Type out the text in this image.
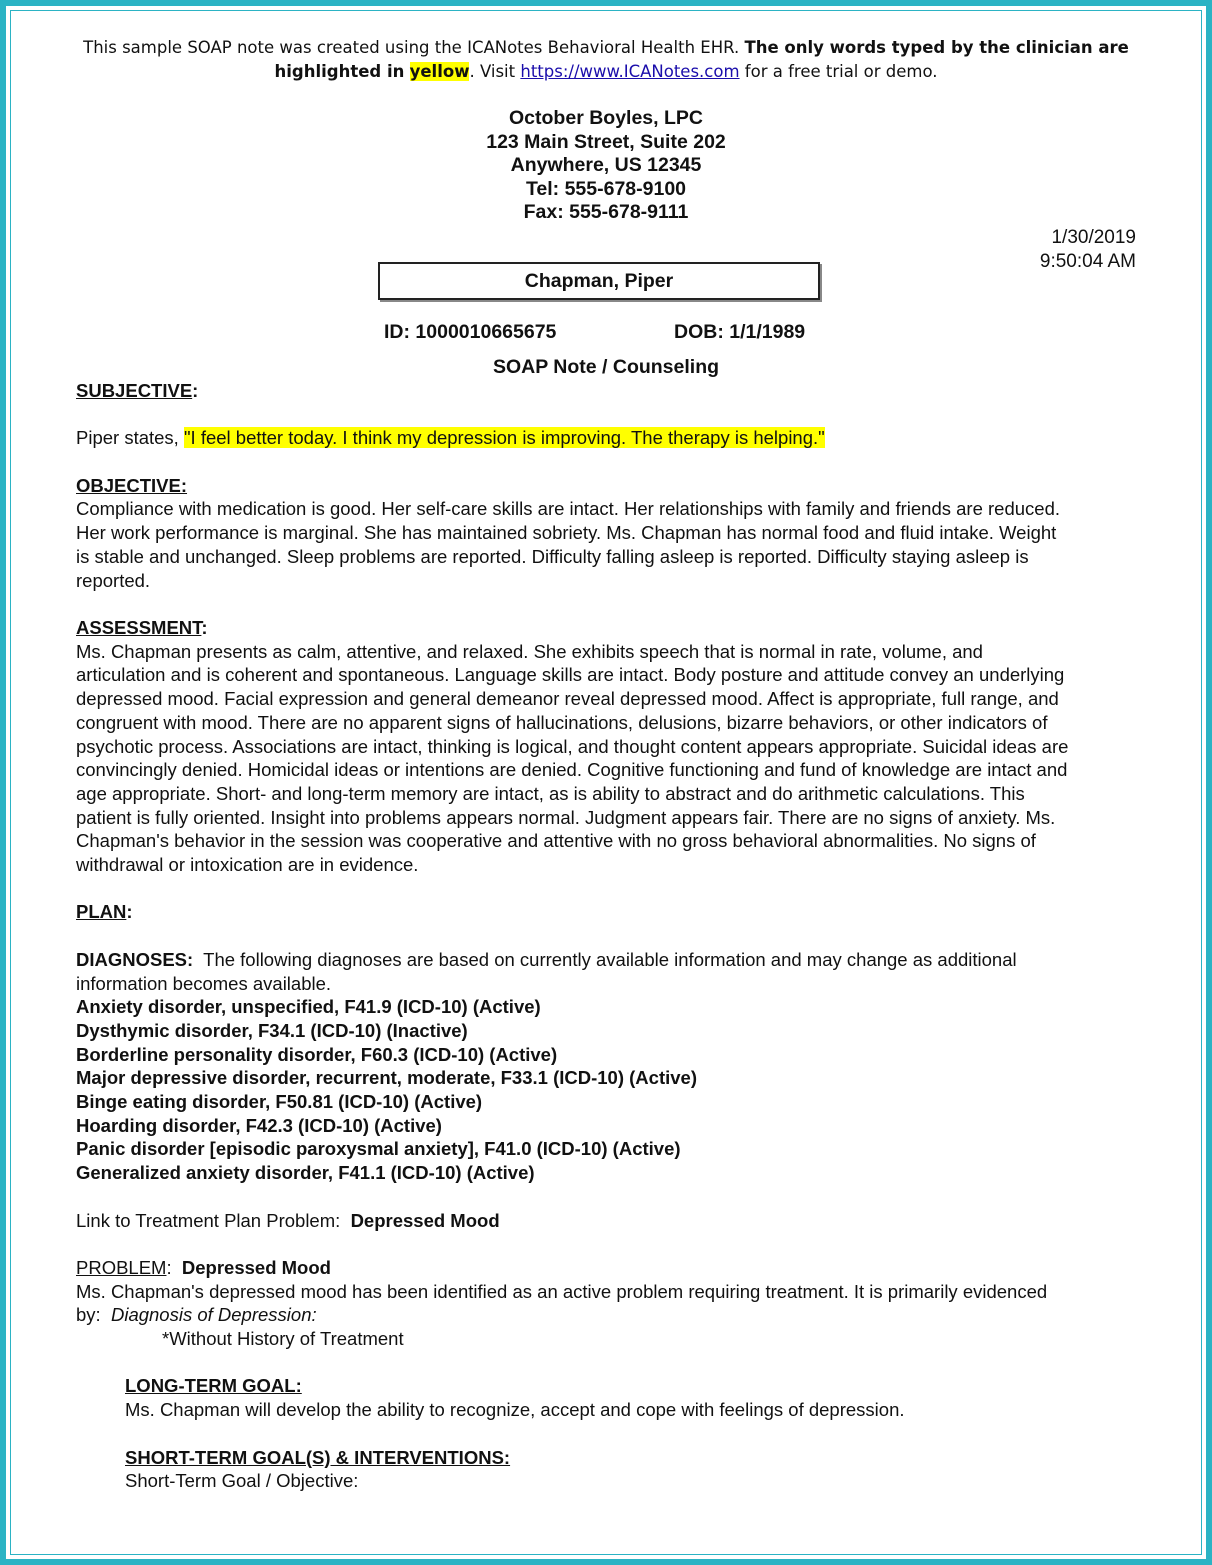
This sample SOAP note was created using the ICANotes Behavioral Health EHR. The only words typed by the clinician are highlighted in yellow. Visit https://www.ICANotes.com for a free trial or demo.
October Boyles, LPC
123 Main Street, Suite 202
Anywhere, US 12345
Tel: 555-678-9100
Fax: 555-678-9111
1/30/2019
9:50:04 AM
Chapman, Piper
ID: 1000010665675	DOB: 1/1/1989
SOAP Note / Counseling

SUBJECTIVE:

Piper states, "I feel better today. I think my depression is improving. The therapy is helping."

OBJECTIVE:

Compliance with medication is good. Her self-care skills are intact. Her relationships with family and friends are reduced.

Her work performance is marginal. She has maintained sobriety. Ms. Chapman has normal food and fluid intake. Weight

is stable and unchanged. Sleep problems are reported. Difficulty falling asleep is reported. Difficulty staying asleep is

reported.

ASSESSMENT:

Ms. Chapman presents as calm, attentive, and relaxed. She exhibits speech that is normal in rate, volume, and

articulation and is coherent and spontaneous. Language skills are intact. Body posture and attitude convey an underlying

depressed mood. Facial expression and general demeanor reveal depressed mood. Affect is appropriate, full range, and

congruent with mood. There are no apparent signs of hallucinations, delusions, bizarre behaviors, or other indicators of

psychotic process. Associations are intact, thinking is logical, and thought content appears appropriate. Suicidal ideas are

convincingly denied. Homicidal ideas or intentions are denied. Cognitive functioning and fund of knowledge are intact and

age appropriate. Short- and long-term memory are intact, as is ability to abstract and do arithmetic calculations. This

patient is fully oriented. Insight into problems appears normal. Judgment appears fair. There are no signs of anxiety. Ms.

Chapman's behavior in the session was cooperative and attentive with no gross behavioral abnormalities. No signs of

withdrawal or intoxication are in evidence.

PLAN:

DIAGNOSES: The following diagnoses are based on currently available information and may change as additional

information becomes available.

Anxiety disorder, unspecified, F41.9 (ICD-10) (Active)

Dysthymic disorder, F34.1 (ICD-10) (Inactive)

Borderline personality disorder, F60.3 (ICD-10) (Active)

Major depressive disorder, recurrent, moderate, F33.1 (ICD-10) (Active)

Binge eating disorder, F50.81 (ICD-10) (Active)

Hoarding disorder, F42.3 (ICD-10) (Active)

Panic disorder [episodic paroxysmal anxiety], F41.0 (ICD-10) (Active)

Generalized anxiety disorder, F41.1 (ICD-10) (Active)

Link to Treatment Plan Problem: Depressed Mood

PROBLEM:  Depressed Mood

Ms. Chapman's depressed mood has been identified as an active problem requiring treatment. It is primarily evidenced

by: Diagnosis of Depression:

*Without History of Treatment

LONG-TERM GOAL:

Ms. Chapman will develop the ability to recognize, accept and cope with feelings of depression.

SHORT-TERM GOAL(S) & INTERVENTIONS:

Short-Term Goal / Objective:
